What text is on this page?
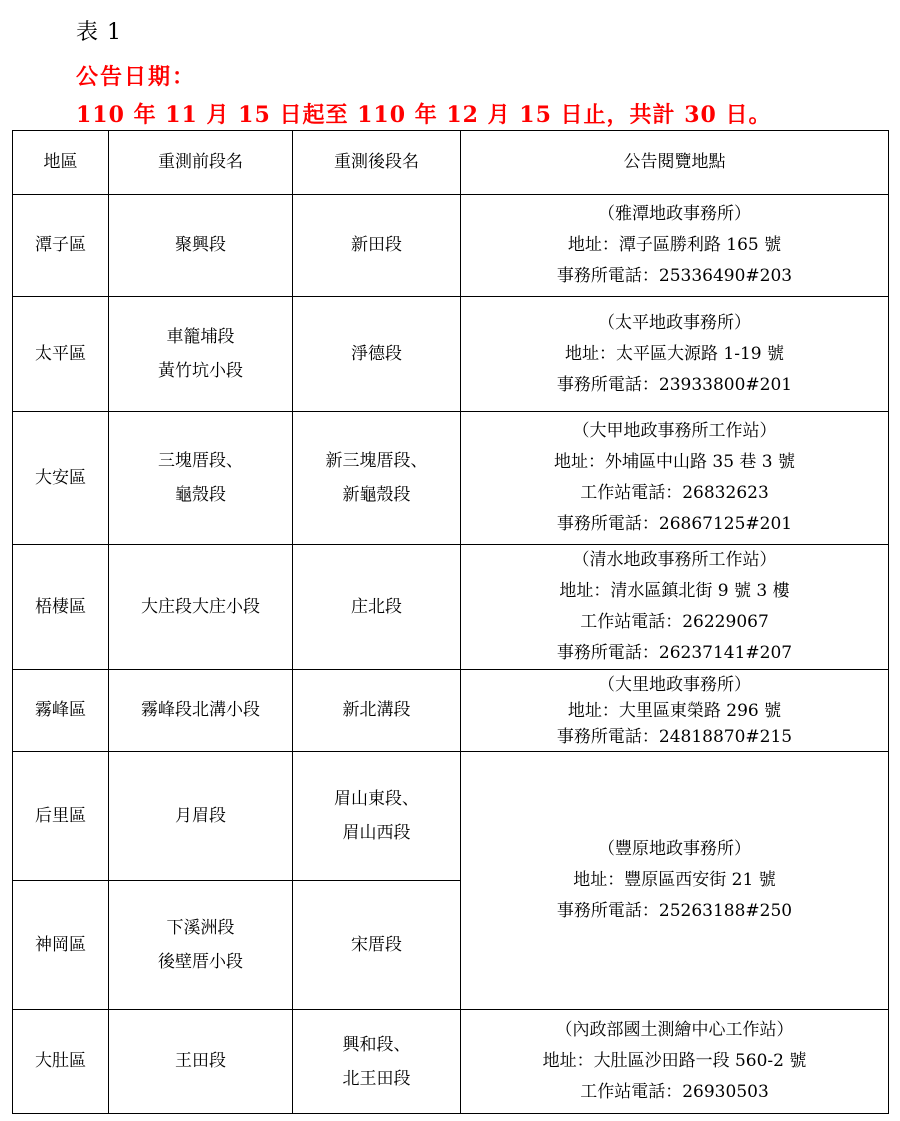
表 1
公告日期：
110 年 11 月 15 日起至 110 年 12 月 15 日止，共計 30 日。
地區	重測前段名	重測後段名	公告閱覽地點
潭子區	聚興段	新田段	（雅潭地政事務所）
地址：潭子區勝利路 165 號
事務所電話：25336490#203

太平區	車籠埔段
黃竹坑小段	淨德段	（太平地政事務所）
地址：太平區大源路 1-19 號
事務所電話：23933800#201

大安區	三塊厝段、
龜殼段	新三塊厝段、
新龜殼段	（大甲地政事務所工作站）
地址：外埔區中山路 35 巷 3 號
工作站電話：26832623
事務所電話：26867125#201

梧棲區	大庄段大庄小段	庄北段	（清水地政事務所工作站）
地址：清水區鎮北街 9 號 3 樓
工作站電話：26229067
事務所電話：26237141#207

霧峰區	霧峰段北溝小段	新北溝段	（大里地政事務所）
地址：大里區東榮路 296 號
事務所電話：24818870#215

后里區	月眉段	眉山東段、
眉山西段	（豐原地政事務所）
地址：豐原區西安街 21 號
事務所電話：25263188#250

神岡區	下溪洲段
後壁厝小段	宋厝段	

大肚區	王田段	興和段、
北王田段	（內政部國土測繪中心工作站）
地址：大肚區沙田路一段 560-2 號
工作站電話：26930503
